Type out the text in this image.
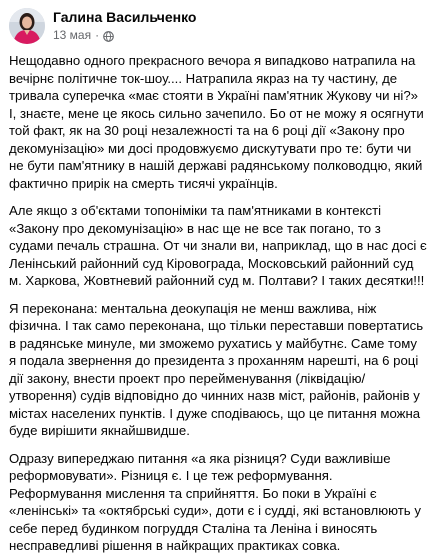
Галина Васильченко
13 мая ·

Нещодавно одного прекрасного вечора я випадково натрапила на вечірнє політичне ток-шоу.... Натрапила якраз на ту частину, де тривала суперечка «має стояти в Україні пам'ятник Жукову чи ні?» І, знаєте, мене це якось сильно зачепило. Бо от не можу я осягнути той факт, як на 30 році незалежності та на 6 році дії «Закону про декомунізацію» ми досі продовжуємо дискутувати про те: бути чи не бути пам'ятнику в нашій державі радянському полководцю, який фактично прирік на смерть тисячі українців.

Але якщо з об'єктами топоніміки та пам'ятниками в контексті «Закону про декомунізацію» в нас ще не все так погано, то з судами печаль страшна. От чи знали ви, наприклад, що в нас досі є Ленінський районний суд Кіровограда, Московський районний суд м. Харкова, Жовтневий районний суд м. Полтави? І таких десятки!!!

Я переконана: ментальна деокупація не менш важлива, ніж фізична. І так само переконана, що тільки переставши повертатись в радянське минуле, ми зможемо рухатись у майбутнє. Саме тому я подала звернення до президента з проханням нарешті, на 6 році дії закону, внести проект про перейменування (ліквідацію/утворення) судів відповідно до чинних назв міст, районів, районів у містах населених пунктів. І дуже сподіваюсь, що це питання можна буде вирішити якнайшвидше.

Одразу випереджаю питання «а яка різниця? Суди важливіше реформовувати». Різниця є. І це теж реформування. Реформування мислення та сприйняття. Бо поки в Україні є «ленінські» та «октябрські суди», доти є і судді, які встановлюють у себе перед будинком погруддя Сталіна та Леніна і виносять несправедливі рішення в найкращих практиках совка.
